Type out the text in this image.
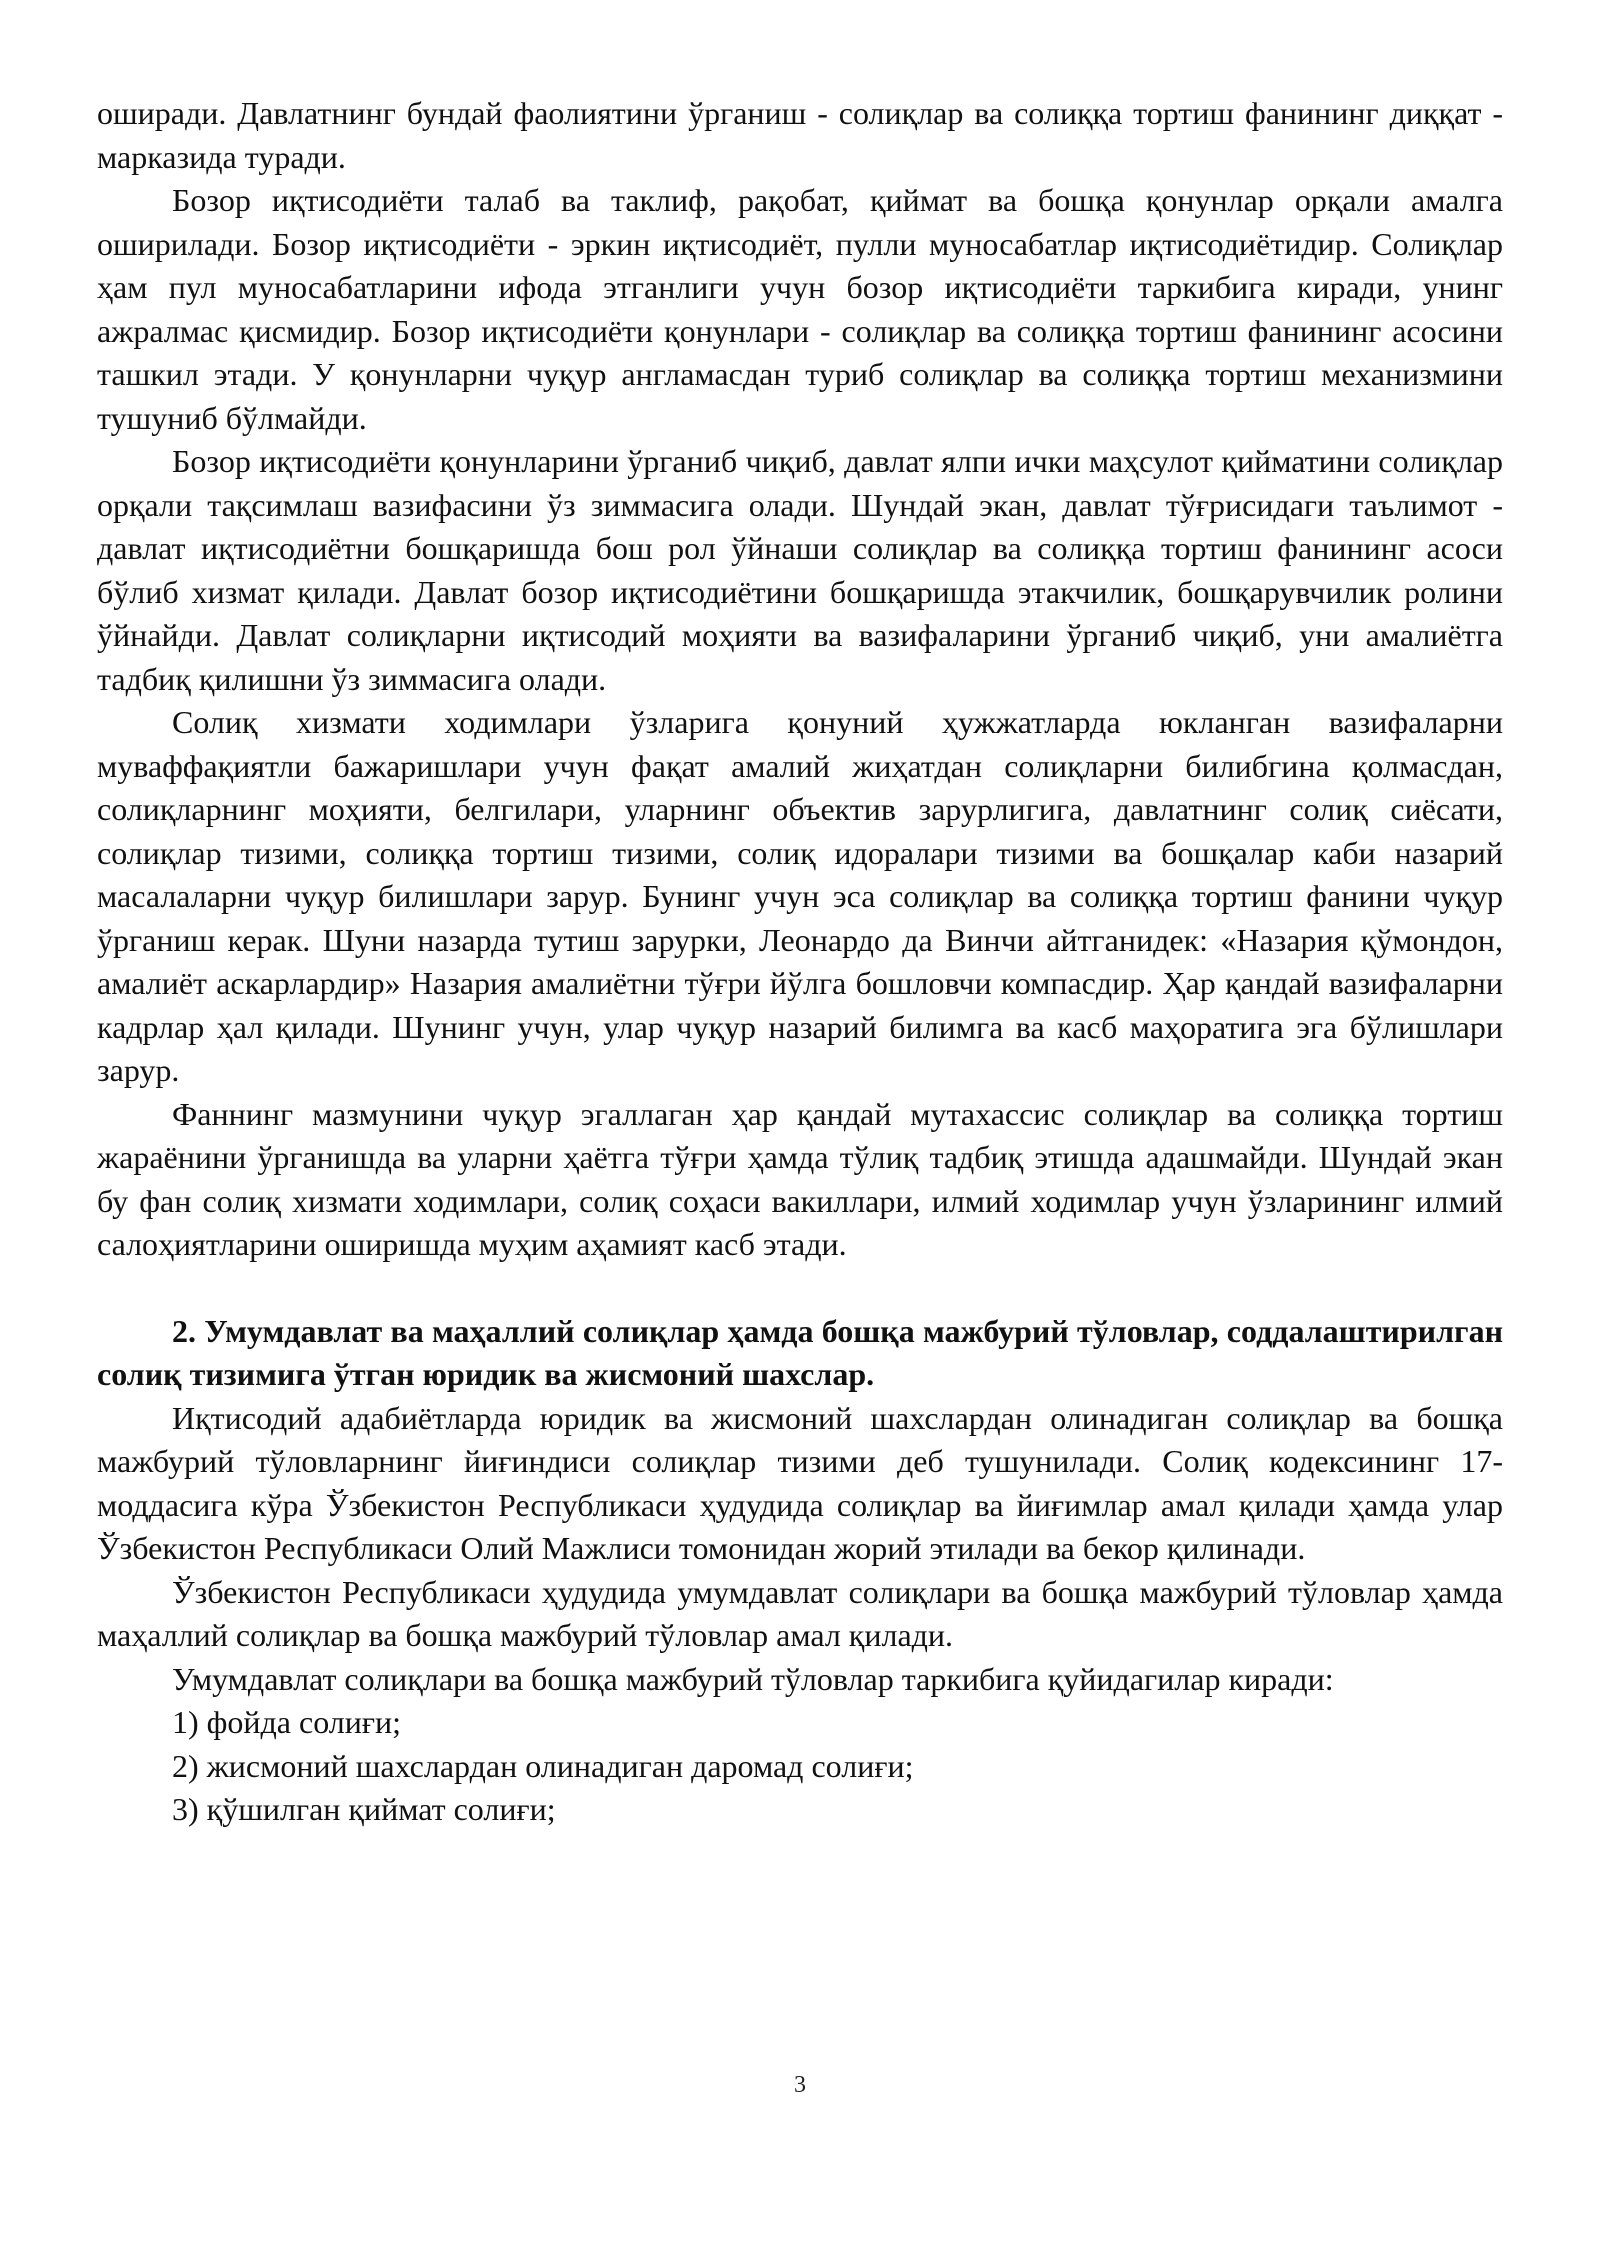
оширади. Давлатнинг бундай фаолиятини ўрганиш - солиқлар ва солиққа тортиш фанининг диққат - марказида туради.

Бозор иқтисодиёти талаб ва таклиф, рақобат, қиймат ва бошқа қонунлар орқали амалга оширилади. Бозор иқтисодиёти - эркин иқтисодиёт, пулли муносабатлар иқтисодиётидир. Солиқлар ҳам пул муносабатларини ифода этганлиги учун бозор иқтисодиёти таркибига киради, унинг ажралмас қисмидир. Бозор иқтисодиёти қонунлари - солиқлар ва солиққа тортиш фанининг асосини ташкил этади. У қонунларни чуқур англамасдан туриб солиқлар ва солиққа тортиш механизмини тушуниб бўлмайди.

Бозор иқтисодиёти қонунларини ўрганиб чиқиб, давлат ялпи ички маҳсулот қийматини солиқлар орқали тақсимлаш вазифасини ўз зиммасига олади. Шундай экан, давлат тўғрисидаги таълимот - давлат иқтисодиётни бошқаришда бош рол ўйнаши солиқлар ва солиққа тортиш фанининг асоси бўлиб хизмат қилади. Давлат бозор иқтисодиётини бошқаришда этакчилик, бошқарувчилик ролини ўйнайди. Давлат солиқларни иқтисодий моҳияти ва вазифаларини ўрганиб чиқиб, уни амалиётга тадбиқ қилишни ўз зиммасига олади.

Солиқ хизмати ходимлари ўзларига қонуний ҳужжатларда юкланган вазифаларни муваффақиятли бажаришлари учун фақат амалий жиҳатдан солиқларни билибгина қолмасдан, солиқларнинг моҳияти, белгилари, уларнинг объектив зарурлигига, давлатнинг солиқ сиёсати, солиқлар тизими, солиққа тортиш тизими, солиқ идоралари тизими ва бошқалар каби назарий масалаларни чуқур билишлари зарур. Бунинг учун эса солиқлар ва солиққа тортиш фанини чуқур ўрганиш керак. Шуни назарда тутиш зарурки, Леонардо да Винчи айтганидек: «Назария қўмондон, амалиёт аскарлардир» Назария амалиётни тўғри йўлга бошловчи компасдир. Ҳар қандай вазифаларни кадрлар ҳал қилади. Шунинг учун, улар чуқур назарий билимга ва касб маҳоратига эга бўлишлари зарур.

Фаннинг мазмунини чуқур эгаллаган ҳар қандай мутахассис солиқлар ва солиққа тортиш жараёнини ўрганишда ва уларни ҳаётга тўғри ҳамда тўлиқ тадбиқ этишда адашмайди. Шундай экан бу фан солиқ хизмати ходимлари, солиқ соҳаси вакиллари, илмий ходимлар учун ўзларининг илмий салоҳиятларини оширишда муҳим аҳамият касб этади.

2. Умумдавлат ва маҳаллий солиқлар ҳамда бошқа мажбурий тўловлар, соддалаштирилган солиқ тизимига ўтган юридик ва жисмоний шахслар.

Иқтисодий адабиётларда юридик ва жисмоний шахслардан олинадиган солиқлар ва бошқа мажбурий тўловларнинг йиғиндиси солиқлар тизими деб тушунилади. Солиқ кодексининг 17-моддасига кўра Ўзбекистон Республикаси ҳудудида солиқлар ва йиғимлар амал қилади ҳамда улар Ўзбекистон Республикаси Олий Мажлиси томонидан жорий этилади ва бекор қилинади.

Ўзбекистон Республикаси ҳудудида умумдавлат солиқлари ва бошқа мажбурий тўловлар ҳамда маҳаллий солиқлар ва бошқа мажбурий тўловлар амал қилади.

Умумдавлат солиқлари ва бошқа мажбурий тўловлар таркибига қуйидагилар киради:

1) фойда солиғи;

2) жисмоний шахслардан олинадиган даромад солиғи;

3) қўшилган қиймат солиғи;

3
